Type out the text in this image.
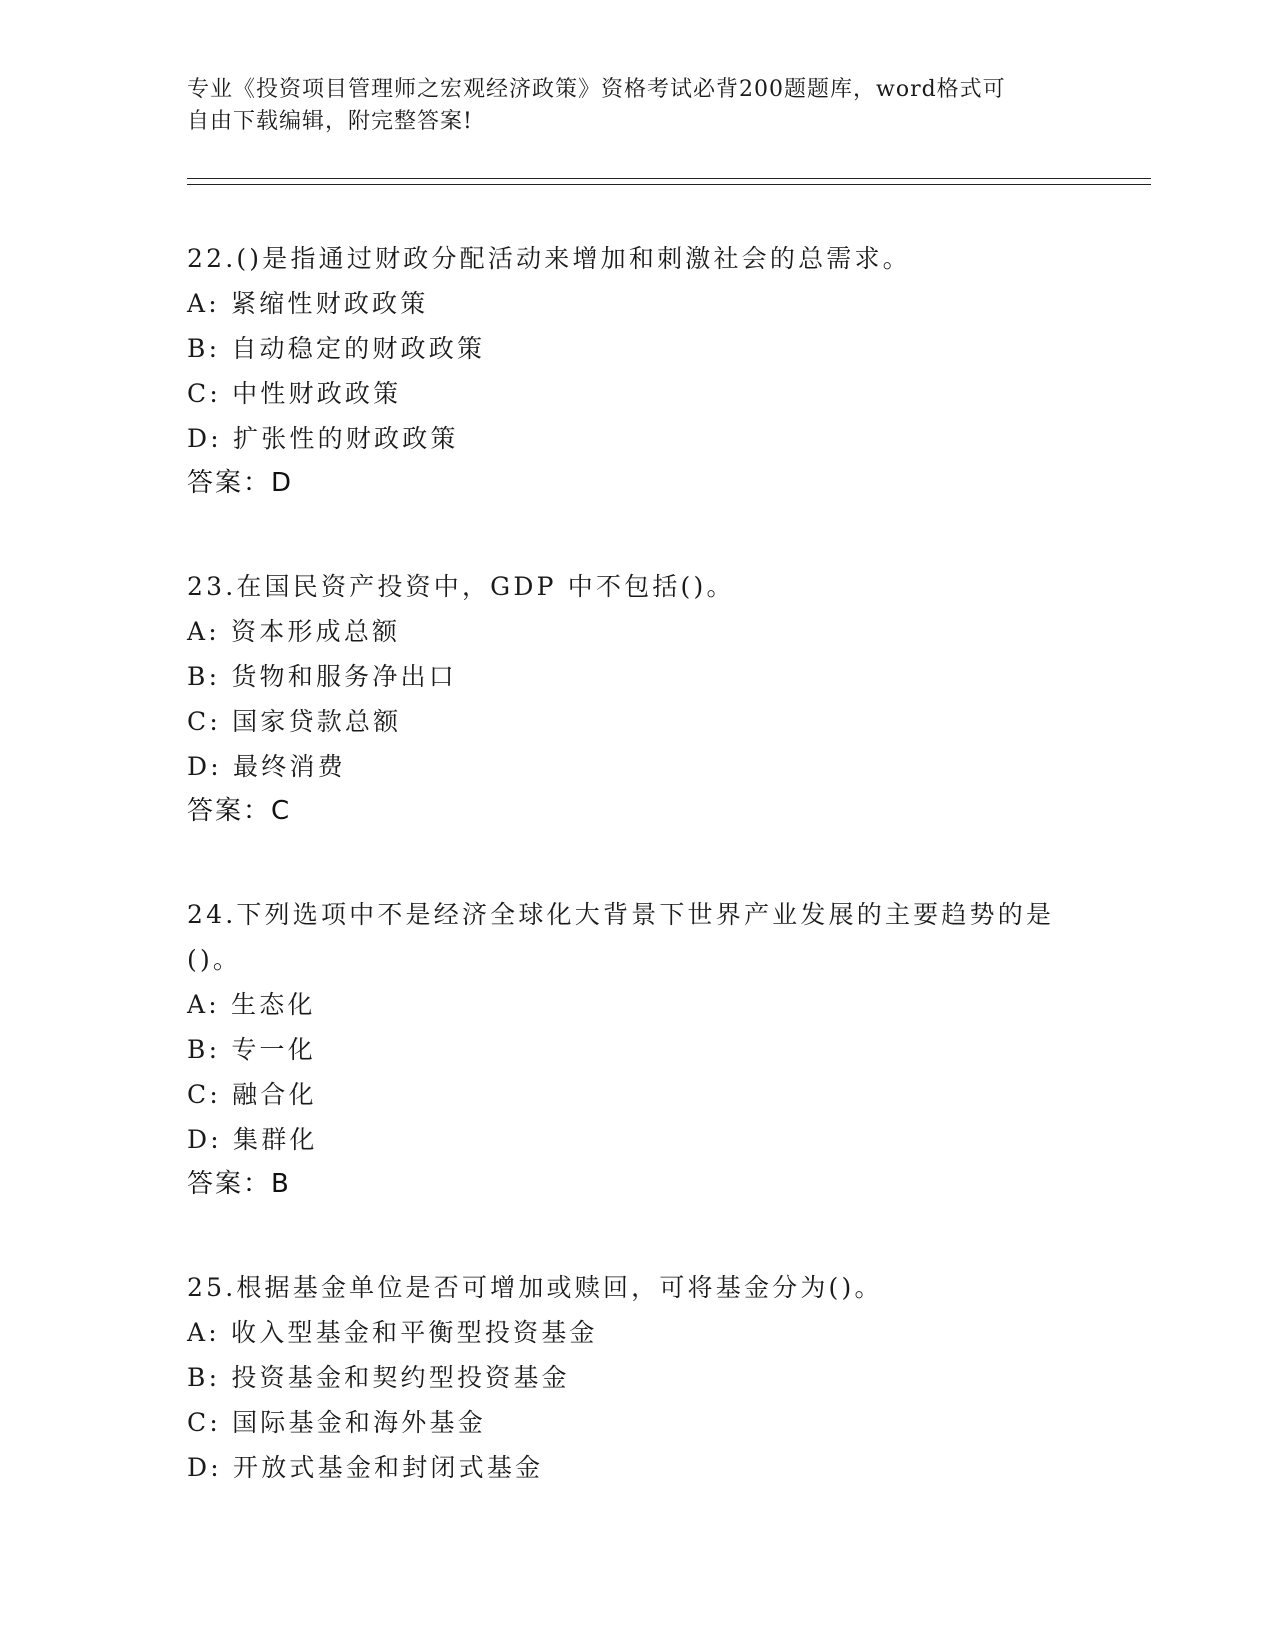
专业《投资项目管理师之宏观经济政策》资格考试必背200题题库，word格式可
自由下载编辑，附完整答案!

22.()是指通过财政分配活动来增加和刺激社会的总需求。

A: 紧缩性财政政策

B: 自动稳定的财政政策

C: 中性财政政策

D: 扩张性的财政政策

答案：D

23.在国民资产投资中，GDP 中不包括()。

A: 资本形成总额

B: 货物和服务净出口

C: 国家贷款总额

D: 最终消费

答案：C

24.下列选项中不是经济全球化大背景下世界产业发展的主要趋势的是
()。

A: 生态化

B: 专一化

C: 融合化

D: 集群化

答案：B

25.根据基金单位是否可增加或赎回，可将基金分为()。

A: 收入型基金和平衡型投资基金

B: 投资基金和契约型投资基金

C: 国际基金和海外基金

D: 开放式基金和封闭式基金
